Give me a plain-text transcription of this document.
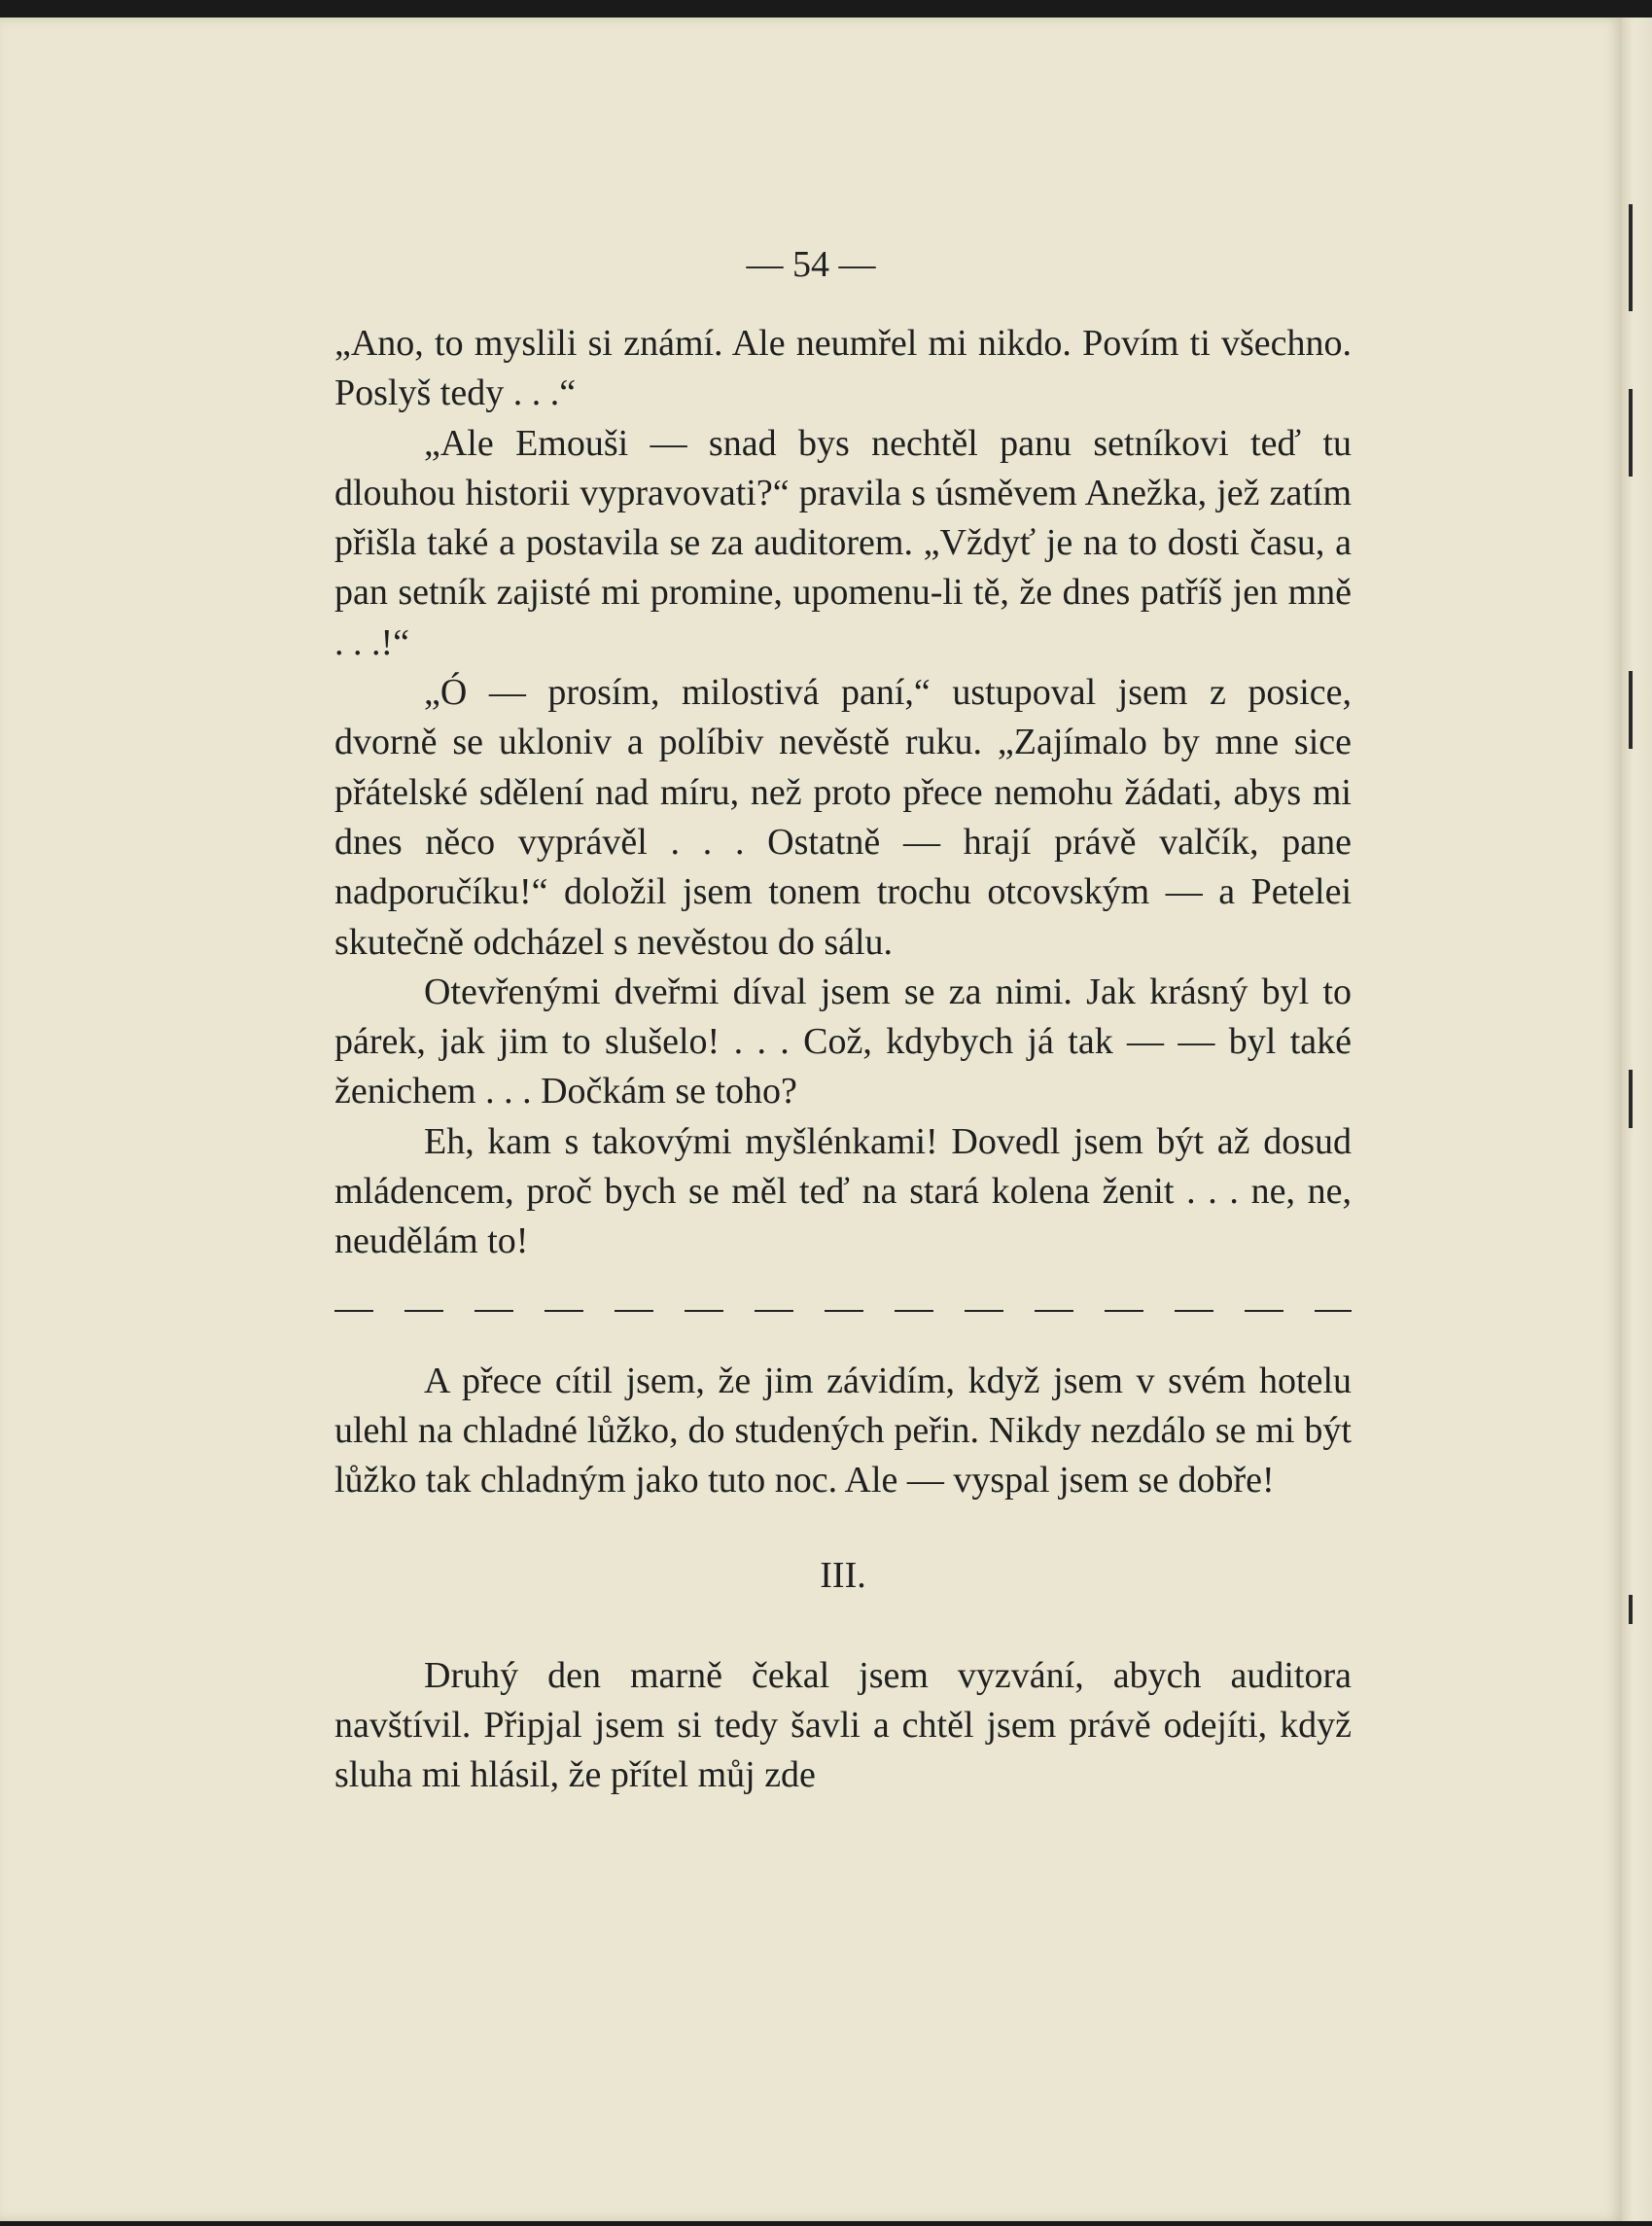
— 54 —

„Ano, to myslili si známí. Ale neumřel mi nikdo. Povím ti všechno. Poslyš tedy . . .“

„Ale Emouši — snad bys nechtěl panu setníkovi teď tu dlouhou historii vypravovati?“ pravila s úsměvem Anežka, jež zatím přišla také a postavila se za auditorem. „Vždyť je na to dosti času, a pan setník zajisté mi promine, upomenu-li tě, že dnes patříš jen mně . . .!“

„Ó — prosím, milostivá paní,“ ustupoval jsem z posice, dvorně se ukloniv a políbiv nevěstě ruku. „Zajímalo by mne sice přátelské sdělení nad míru, než proto přece nemohu žádati, abys mi dnes něco vyprávěl . . . Ostatně — hrají právě valčík, pane nadporučíku!“ doložil jsem tonem trochu otcovským — a Petelei skutečně odcházel s nevěstou do sálu.

Otevřenými dveřmi díval jsem se za nimi. Jak krásný byl to párek, jak jim to slušelo! . . . Což, kdybych já tak — — byl také ženichem . . . Dočkám se toho?

Eh, kam s takovými myšlénkami! Dovedl jsem být až dosud mládencem, proč bych se měl teď na stará kolena ženit . . . ne, ne, neudělám to!

A přece cítil jsem, že jim závidím, když jsem v svém hotelu ulehl na chladné lůžko, do studených peřin. Nikdy nezdálo se mi být lůžko tak chladným jako tuto noc. Ale — vyspal jsem se dobře!

III.

Druhý den marně čekal jsem vyzvání, abych auditora navštívil. Připjal jsem si tedy šavli a chtěl jsem právě odejíti, když sluha mi hlásil, že přítel můj zde
